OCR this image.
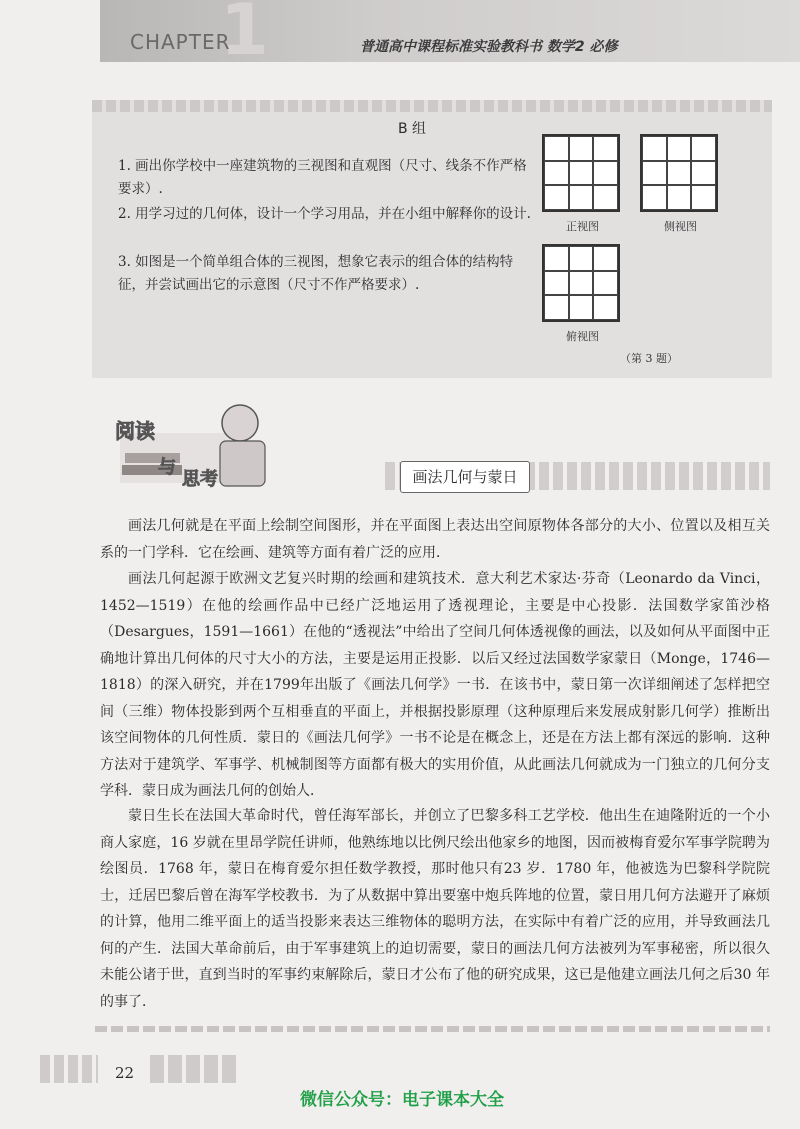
1
CHAPTER	普通高中课程标准实验教科书 数学2 必修
B 组
1. 画出你学校中一座建筑物的三视图和直观图（尺寸、线条不作严格要求）.
2. 用学习过的几何体，设计一个学习用品，并在小组中解释你的设计.
3. 如图是一个简单组合体的三视图，想象它表示的组合体的结构特征，并尝试画出它的示意图（尺寸不作严格要求）.
正视图	侧视图
俯视图
（第 3 题）
阅读
与
思考	画法几何与蒙日

画法几何就是在平面上绘制空间图形，并在平面图上表达出空间原物体各部分的大小、位置以及相互关系的一门学科．它在绘画、建筑等方面有着广泛的应用．

画法几何起源于欧洲文艺复兴时期的绘画和建筑技术．意大利艺术家达·芬奇（Leonardo da Vinci，1452—1519）在他的绘画作品中已经广泛地运用了透视理论，主要是中心投影．法国数学家笛沙格（Desargues，1591—1661）在他的“透视法”中给出了空间几何体透视像的画法，以及如何从平面图中正确地计算出几何体的尺寸大小的方法，主要是运用正投影．以后又经过法国数学家蒙日（Monge，1746—1818）的深入研究，并在1799年出版了《画法几何学》一书．在该书中，蒙日第一次详细阐述了怎样把空间（三维）物体投影到两个互相垂直的平面上，并根据投影原理（这种原理后来发展成射影几何学）推断出该空间物体的几何性质．蒙日的《画法几何学》一书不论是在概念上，还是在方法上都有深远的影响．这种方法对于建筑学、军事学、机械制图等方面都有极大的实用价值，从此画法几何就成为一门独立的几何分支学科．蒙日成为画法几何的创始人．

蒙日生长在法国大革命时代，曾任海军部长，并创立了巴黎多科工艺学校．他出生在迪隆附近的一个小商人家庭，16 岁就在里昂学院任讲师，他熟练地以比例尺绘出他家乡的地图，因而被梅育爱尔军事学院聘为绘图员．1768 年，蒙日在梅育爱尔担任数学教授，那时他只有23 岁．1780 年，他被选为巴黎科学院院士，迁居巴黎后曾在海军学校教书．为了从数据中算出要塞中炮兵阵地的位置，蒙日用几何方法避开了麻烦的计算，他用二维平面上的适当投影来表达三维物体的聪明方法，在实际中有着广泛的应用，并导致画法几何的产生．法国大革命前后，由于军事建筑上的迫切需要，蒙日的画法几何方法被列为军事秘密，所以很久未能公诸于世，直到当时的军事约束解除后，蒙日才公布了他的研究成果，这已是他建立画法几何之后30 年的事了．

22
微信公众号：电子课本大全
